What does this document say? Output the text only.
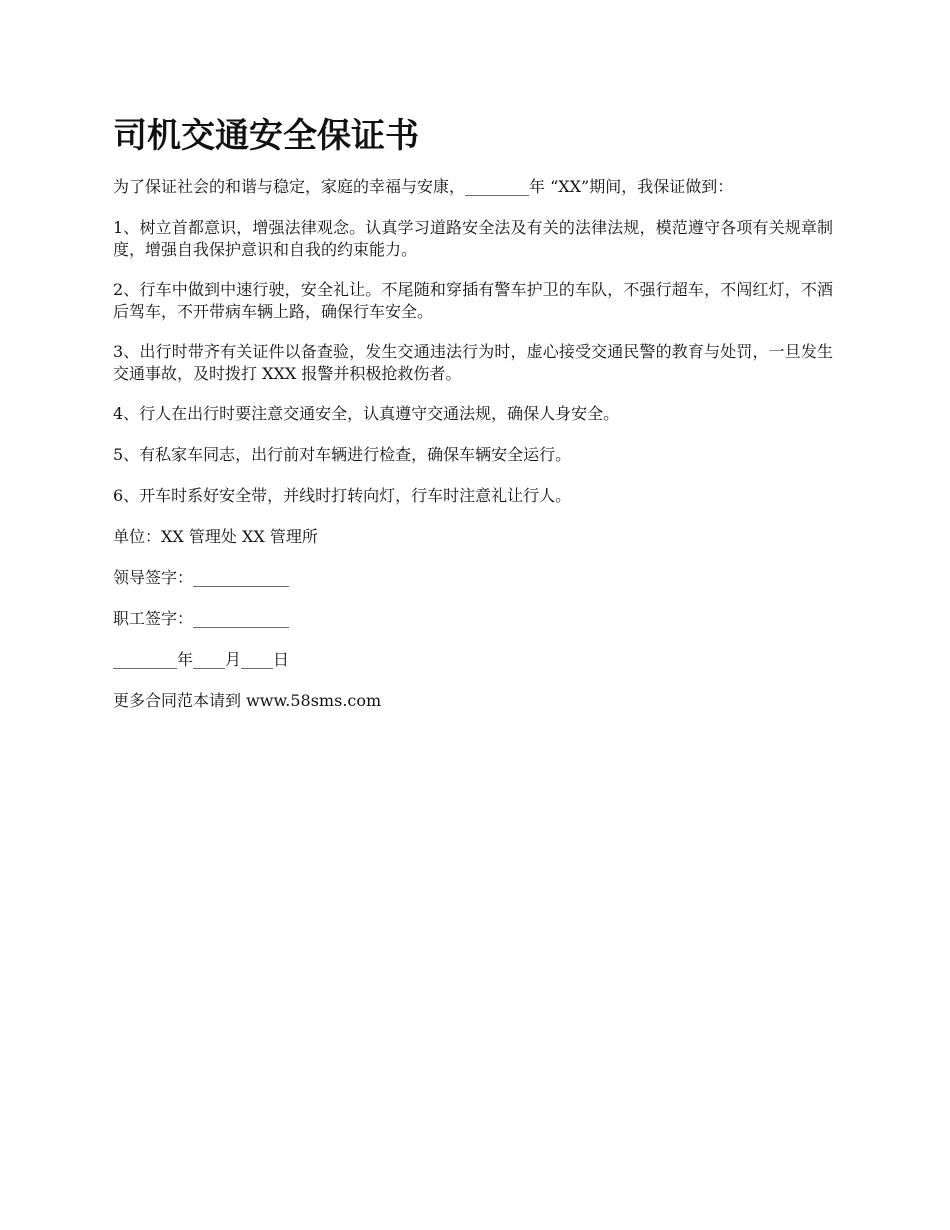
司机交通安全保证书

为了保证社会的和谐与稳定，家庭的幸福与安康，________年 “XX”期间，我保证做到：

1、树立首都意识，增强法律观念。认真学习道路安全法及有关的法律法规，模范遵守各项有关规章制度，增强自我保护意识和自我的约束能力。

2、行车中做到中速行驶，安全礼让。不尾随和穿插有警车护卫的车队，不强行超车，不闯红灯，不酒后驾车，不开带病车辆上路，确保行车安全。

3、出行时带齐有关证件以备查验，发生交通违法行为时，虚心接受交通民警的教育与处罚，一旦发生交通事故，及时拨打 XXX 报警并积极抢救伤者。

4、行人在出行时要注意交通安全，认真遵守交通法规，确保人身安全。

5、有私家车同志，出行前对车辆进行检查，确保车辆安全运行。

6、开车时系好安全带，并线时打转向灯，行车时注意礼让行人。

单位：XX 管理处 XX 管理所

领导签字：____________

职工签字：____________

________年____月____日

更多合同范本请到 www.58sms.com
